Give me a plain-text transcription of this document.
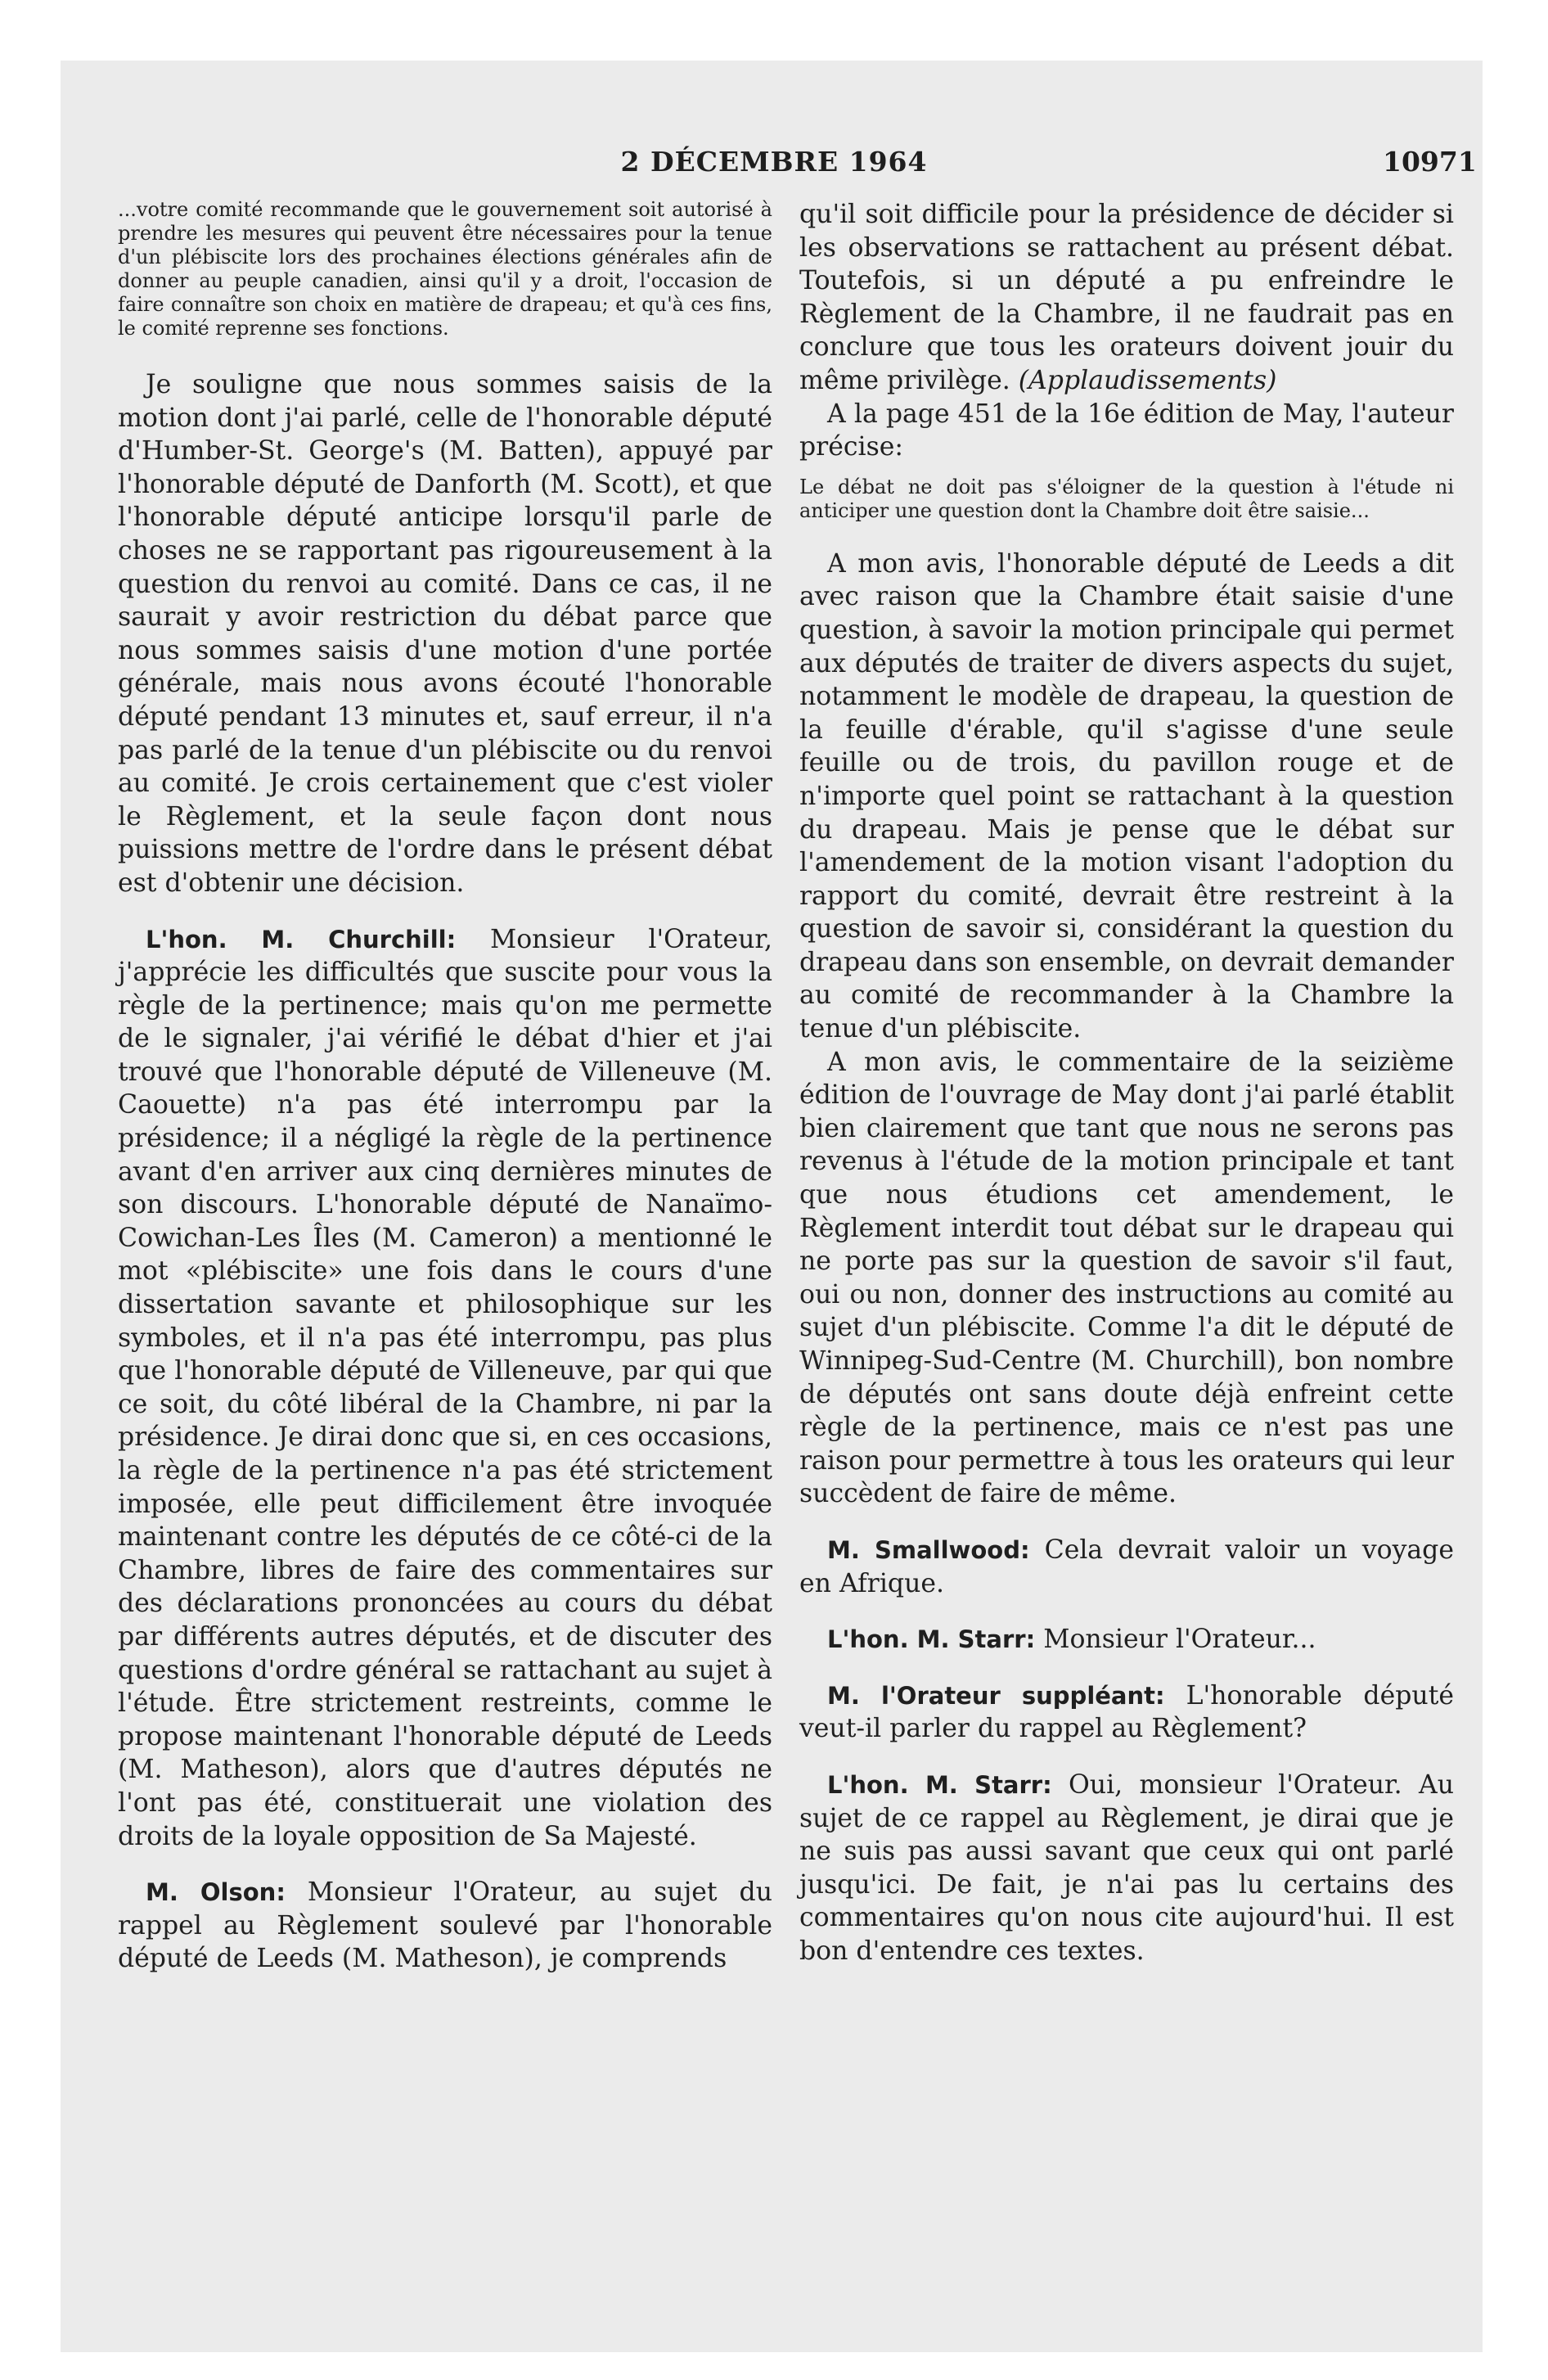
2 DÉCEMBRE 1964	10971

...votre comité recommande que le gouvernement soit autorisé à prendre les mesures qui peuvent être nécessaires pour la tenue d'un plébiscite lors des prochaines élections générales afin de donner au peuple canadien, ainsi qu'il y a droit, l'occasion de faire connaître son choix en matière de drapeau; et qu'à ces fins, le comité reprenne ses fonctions.

Je souligne que nous sommes saisis de la motion dont j'ai parlé, celle de l'honorable député d'Humber-St. George's (M. Batten), appuyé par l'honorable député de Danforth (M. Scott), et que l'honorable député anticipe lorsqu'il parle de choses ne se rapportant pas rigoureusement à la question du renvoi au comité. Dans ce cas, il ne saurait y avoir restriction du débat parce que nous sommes saisis d'une motion d'une portée générale, mais nous avons écouté l'honorable député pendant 13 minutes et, sauf erreur, il n'a pas parlé de la tenue d'un plébiscite ou du renvoi au comité. Je crois certainement que c'est violer le Règlement, et la seule façon dont nous puissions mettre de l'ordre dans le présent débat est d'obtenir une décision.

L'hon. M. Churchill: Monsieur l'Orateur, j'apprécie les difficultés que suscite pour vous la règle de la pertinence; mais qu'on me permette de le signaler, j'ai vérifié le débat d'hier et j'ai trouvé que l'honorable député de Villeneuve (M. Caouette) n'a pas été interrompu par la présidence; il a négligé la règle de la pertinence avant d'en arriver aux cinq dernières minutes de son discours. L'honorable député de Nanaïmo-Cowichan-Les Îles (M. Cameron) a mentionné le mot «plébiscite» une fois dans le cours d'une dissertation savante et philosophique sur les symboles, et il n'a pas été interrompu, pas plus que l'honorable député de Villeneuve, par qui que ce soit, du côté libéral de la Chambre, ni par la présidence. Je dirai donc que si, en ces occasions, la règle de la pertinence n'a pas été strictement imposée, elle peut difficilement être invoquée maintenant contre les députés de ce côté-ci de la Chambre, libres de faire des commentaires sur des déclarations prononcées au cours du débat par différents autres députés, et de discuter des questions d'ordre général se rattachant au sujet à l'étude. Être strictement restreints, comme le propose maintenant l'honorable député de Leeds (M. Matheson), alors que d'autres députés ne l'ont pas été, constituerait une violation des droits de la loyale opposition de Sa Majesté.

M. Olson: Monsieur l'Orateur, au sujet du rappel au Règlement soulevé par l'honorable député de Leeds (M. Matheson), je comprends

qu'il soit difficile pour la présidence de décider si les observations se rattachent au présent débat. Toutefois, si un député a pu enfreindre le Règlement de la Chambre, il ne faudrait pas en conclure que tous les orateurs doivent jouir du même privilège. (Applaudissements)

A la page 451 de la 16e édition de May, l'auteur précise:

Le débat ne doit pas s'éloigner de la question à l'étude ni anticiper une question dont la Chambre doit être saisie...

A mon avis, l'honorable député de Leeds a dit avec raison que la Chambre était saisie d'une question, à savoir la motion principale qui permet aux députés de traiter de divers aspects du sujet, notamment le modèle de drapeau, la question de la feuille d'érable, qu'il s'agisse d'une seule feuille ou de trois, du pavillon rouge et de n'importe quel point se rattachant à la question du drapeau. Mais je pense que le débat sur l'amendement de la motion visant l'adoption du rapport du comité, devrait être restreint à la question de savoir si, considérant la question du drapeau dans son ensemble, on devrait demander au comité de recommander à la Chambre la tenue d'un plébiscite.

A mon avis, le commentaire de la seizième édition de l'ouvrage de May dont j'ai parlé établit bien clairement que tant que nous ne serons pas revenus à l'étude de la motion principale et tant que nous étudions cet amendement, le Règlement interdit tout débat sur le drapeau qui ne porte pas sur la question de savoir s'il faut, oui ou non, donner des instructions au comité au sujet d'un plébiscite. Comme l'a dit le député de Winnipeg-Sud-Centre (M. Churchill), bon nombre de députés ont sans doute déjà enfreint cette règle de la pertinence, mais ce n'est pas une raison pour permettre à tous les orateurs qui leur succèdent de faire de même.

M. Smallwood: Cela devrait valoir un voyage en Afrique.

L'hon. M. Starr: Monsieur l'Orateur...

M. l'Orateur suppléant: L'honorable député veut-il parler du rappel au Règlement?

L'hon. M. Starr: Oui, monsieur l'Orateur. Au sujet de ce rappel au Règlement, je dirai que je ne suis pas aussi savant que ceux qui ont parlé jusqu'ici. De fait, je n'ai pas lu certains des commentaires qu'on nous cite aujourd'hui. Il est bon d'entendre ces textes.
